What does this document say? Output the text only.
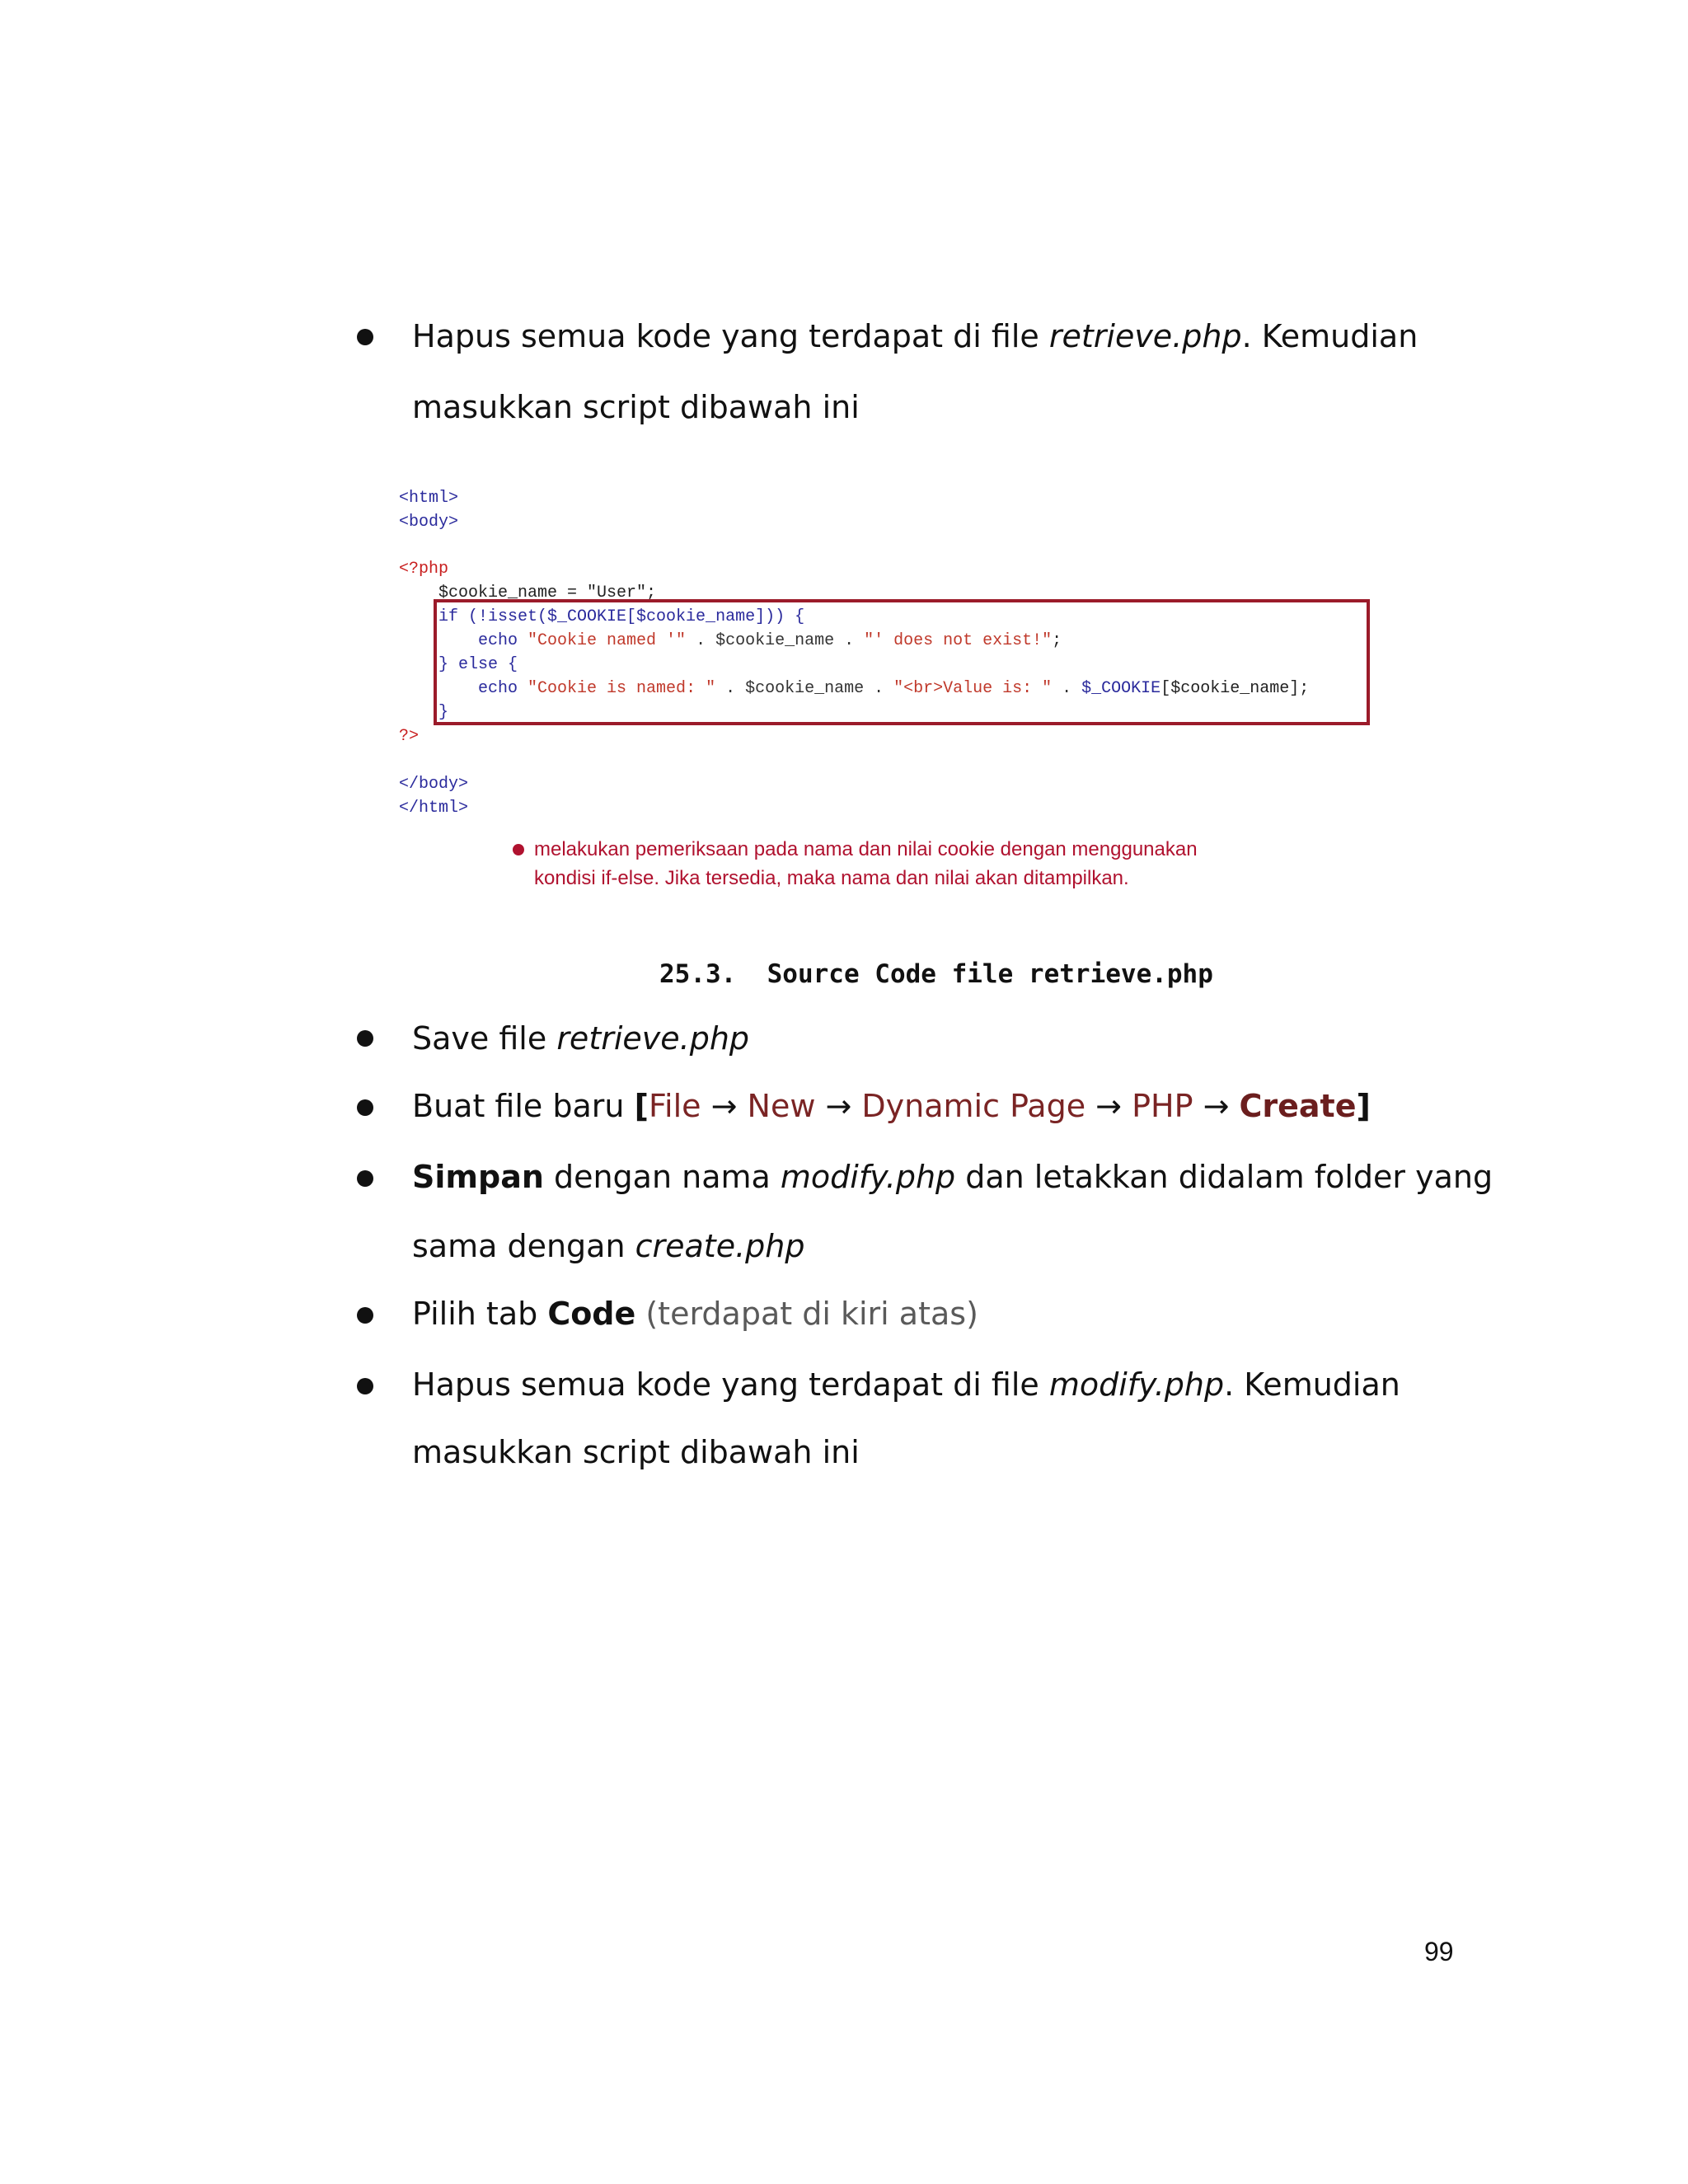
Hapus semua kode yang terdapat di file retrieve.php. Kemudian
masukkan script dibawah ini
<html>
<body>
<?php
$cookie_name = "User";
if (!isset($_COOKIE[$cookie_name])) {
echo "Cookie named '" . $cookie_name . "' does not exist!";
} else {
echo "Cookie is named: " . $cookie_name . "<br>Value is: " . $_COOKIE[$cookie_name];
}
?>
</body>
</html>
melakukan pemeriksaan pada nama dan nilai cookie dengan menggunakan
kondisi if-else. Jika tersedia, maka nama dan nilai akan ditampilkan.
25.3.  Source Code file retrieve.php
Save file retrieve.php
Buat file baru [File → New → Dynamic Page → PHP → Create]
Simpan dengan nama modify.php dan letakkan didalam folder yang
sama dengan create.php
Pilih tab Code (terdapat di kiri atas)
Hapus semua kode yang terdapat di file modify.php. Kemudian
masukkan script dibawah ini
99
